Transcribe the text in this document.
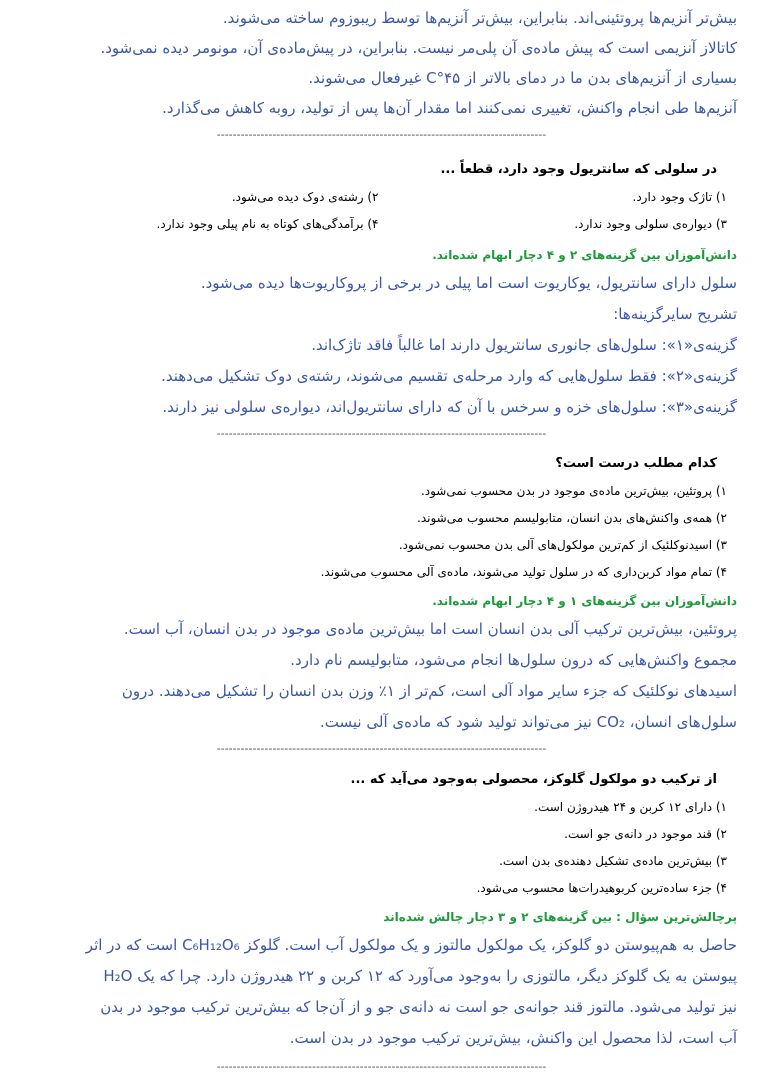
بیش‌تر آنزیم‌ها پروتئینی‌اند. بنابراین، بیش‌تر آنزیم‌ها توسط ریبوزوم ساخته می‌شوند.

کاتالاز آنزیمی است که پیش ماده‌ی آن پلی‌مر نیست. بنابراین، در پیش‌ماده‌ی آن، مونومر دیده نمی‌شود.

بسیاری از آنزیم‌های بدن ما در دمای بالاتر از ۴۵°C غیرفعال می‌شوند.

آنزیم‌ها طی انجام واکنش، تغییری نمی‌کنند اما مقدار آن‌ها پس از تولید، روبه کاهش می‌گذارد.

-----------------------------------------------------------------------------------

در سلولی که سانتریول وجود دارد، قطعاً ...

۱) تاژک وجود دارد.
۲) رشته‌ی دوک دیده می‌شود.
۳) دیواره‌ی سلولی وجود ندارد.
۴) برآمدگی‌های کوتاه به نام پیلی وجود ندارد.

دانش‌آموزان بین گزینه‌های ۲ و ۴ دچار ابهام شده‌اند.

سلول دارای سانتریول، یوکاریوت است اما پیلی در برخی از پروکاریوت‌ها دیده می‌شود.

تشریح سایرگزینه‌ها:

گزینه‌ی«۱»: سلول‌های جانوری سانتریول دارند اما غالباً فاقد تاژک‌اند.

گزینه‌ی«۲»: فقط سلول‌هایی که وارد مرحله‌ی تقسیم می‌شوند، رشته‌ی دوک تشکیل می‌دهند.

گزینه‌ی«۳»: سلول‌های خزه و سرخس با آن که دارای سانتریول‌اند، دیواره‌ی سلولی نیز دارند.

-----------------------------------------------------------------------------------

کدام مطلب درست است؟

۱) پروتئین، بیش‌ترین ماده‌ی موجود در بدن محسوب نمی‌شود.

۲) همه‌ی واکنش‌های بدن انسان، متابولیسم محسوب می‌شوند.

۳) اسیدنوکلئیک از کم‌ترین مولکول‌های آلی بدن محسوب نمی‌شود.

۴) تمام مواد کربن‌داری که در سلول تولید می‌شوند، ماده‌ی آلی محسوب می‌شوند.

دانش‌آموزان بین گزینه‌های ۱ و ۴ دچار ابهام شده‌اند.

پروتئین، بیش‌ترین ترکیب آلی بدن انسان است اما بیش‌ترین ماده‌ی موجود در بدن انسان، آب است.

مجموع واکنش‌هایی که درون سلول‌ها انجام می‌شود، متابولیسم نام دارد.

اسیدهای نوکلئیک که جزء سایر مواد آلی است، کم‌تر از ۱٪ وزن بدن انسان را تشکیل می‌دهند. درون

سلول‌های انسان، CO₂ نیز می‌تواند تولید شود که ماده‌ی آلی نیست.

-----------------------------------------------------------------------------------

از ترکیب دو مولکول گلوکز، محصولی به‌وجود می‌آید که ...

۱) دارای ۱۲ کربن و ۲۴ هیدروژن است.

۲) قند موجود در دانه‌ی جو است.

۳) بیش‌ترین ماده‌ی تشکیل دهنده‌ی بدن است.

۴) جزء ساده‌ترین کربوهیدرات‌ها محسوب می‌شود.

پرچالش‌ترین سؤال : بین گزینه‌های ۲ و ۳ دچار چالش شده‌اند

حاصل به هم‌پیوستن دو گلوکز، یک مولکول مالتوز و یک مولکول آب است. گلوکز C₆H₁₂O₆ است که در اثر

پیوستن به یک گلوکز دیگر، مالتوزی را به‌وجود می‌آورد که ۱۲ کربن و ۲۲ هیدروژن دارد. چرا که یک H₂O

نیز تولید می‌شود. مالتوز قند جوانه‌ی جو است نه دانه‌ی جو و از آن‌جا که بیش‌ترین ترکیب موجود در بدن

آب است، لذا محصول این واکنش، بیش‌ترین ترکیب موجود در بدن است.

-----------------------------------------------------------------------------------
